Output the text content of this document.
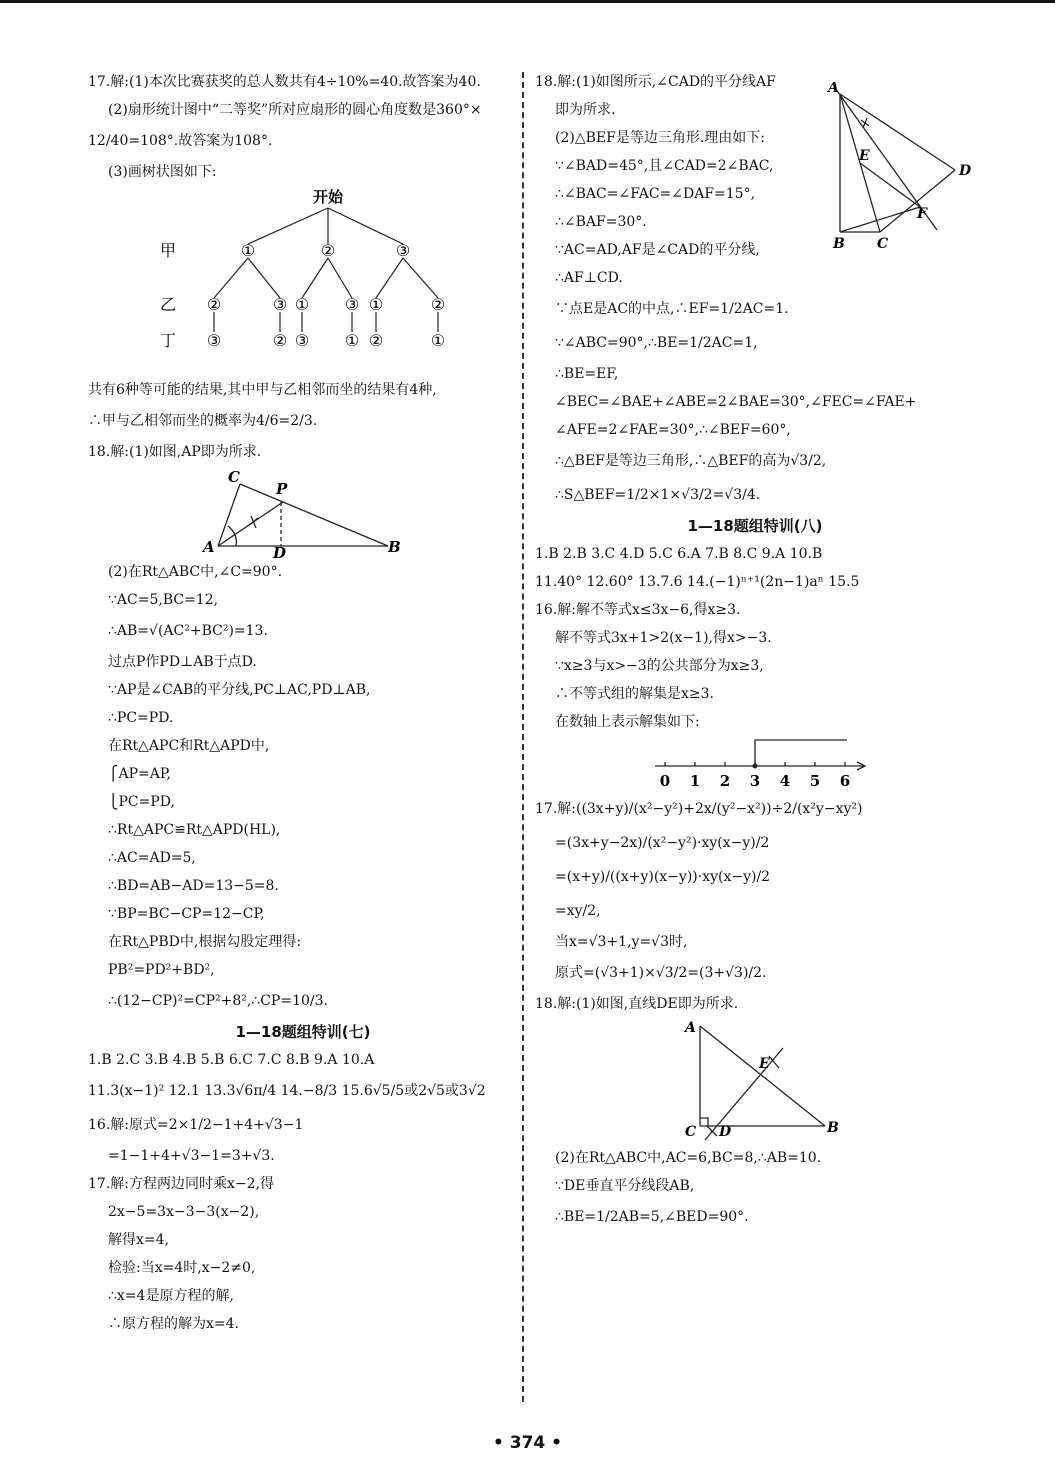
17.解:(1)本次比赛获奖的总人数共有4÷10%=40.故答案为40.
(2)扇形统计图中“二等奖”所对应扇形的圆心角度数是360°×
12/40=108°.故答案为108°.
(3)画树状图如下:
开始
甲
乙
丁
①	②	③
②	③ ① ③ ①	②
③	② ③ ① ②	①
共有6种等可能的结果,其中甲与乙相邻而坐的结果有4种,
∴甲与乙相邻而坐的概率为4/6=2/3.
18.解:(1)如图,AP即为所求.
C
P
A	D	B
(2)在Rt△ABC中,∠C=90°.
∵AC=5,BC=12,
∴AB=√(AC²+BC²)=13.
过点P作PD⊥AB于点D.
∵AP是∠CAB的平分线,PC⊥AC,PD⊥AB,
∴PC=PD.
在Rt△APC和Rt△APD中,
⎧AP=AP,
⎩PC=PD,
∴Rt△APC≌Rt△APD(HL),
∴AC=AD=5,
∴BD=AB−AD=13−5=8.
∵BP=BC−CP=12−CP,
在Rt△PBD中,根据勾股定理得:
PB²=PD²+BD²,
∴(12−CP)²=CP²+8²,∴CP=10/3.
1—18题组特训(七)
1.B 2.C 3.B 4.B 5.B 6.C 7.C 8.B 9.A 10.A
11.3(x−1)² 12.1 13.3√6π/4 14.−8/3 15.6√5/5或2√5或3√2
16.解:原式=2×1/2−1+4+√3−1
=1−1+4+√3−1=3+√3.
17.解:方程两边同时乘x−2,得
2x−5=3x−3−3(x−2),
解得x=4,
检验:当x=4时,x−2≠0,
∴x=4是原方程的解,
∴原方程的解为x=4.
A
E
D
F
B C
18.解:(1)如图所示,∠CAD的平分线AF
即为所求.
(2)△BEF是等边三角形.理由如下:
∵∠BAD=45°,且∠CAD=2∠BAC,
∴∠BAC=∠FAC=∠DAF=15°,
∴∠BAF=30°.
∵AC=AD,AF是∠CAD的平分线,
∴AF⊥CD.
∵点E是AC的中点,∴EF=1/2AC=1.
∵∠ABC=90°,∴BE=1/2AC=1,
∴BE=EF,
∠BEC=∠BAE+∠ABE=2∠BAE=30°,∠FEC=∠FAE+
∠AFE=2∠FAE=30°,∴∠BEF=60°,
∴△BEF是等边三角形,∴△BEF的高为√3/2,
∴S△BEF=1/2×1×√3/2=√3/4.
1—18题组特训(八)
1.B 2.B 3.C 4.D 5.C 6.A 7.B 8.C 9.A 10.B
11.40° 12.60° 13.7.6 14.(−1)ⁿ⁺¹(2n−1)aⁿ 15.5
16.解:解不等式x≤3x−6,得x≥3.
解不等式3x+1>2(x−1),得x>−3.
∵x≥3与x>−3的公共部分为x≥3,
∴不等式组的解集是x≥3.
在数轴上表示解集如下:
0 1 2 3 4 5 6
17.解:((3x+y)/(x²−y²)+2x/(y²−x²))÷2/(x²y−xy²)
=(3x+y−2x)/(x²−y²)·xy(x−y)/2
=(x+y)/((x+y)(x−y))·xy(x−y)/2
=xy/2,
当x=√3+1,y=√3时,
原式=(√3+1)×√3/2=(3+√3)/2.
18.解:(1)如图,直线DE即为所求.
A
E
C D	B
(2)在Rt△ABC中,AC=6,BC=8,∴AB=10.
∵DE垂直平分线段AB,
∴BE=1/2AB=5,∠BED=90°.
• 374 •
